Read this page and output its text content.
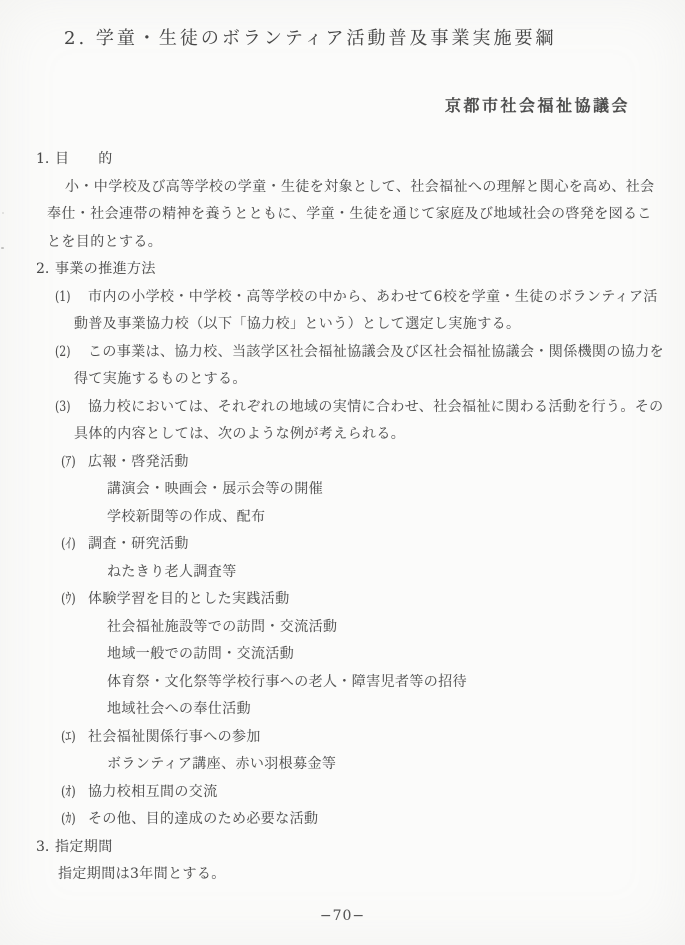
2. 学童・生徒のボランティア活動普及事業実施要綱
京都市社会福祉協議会
1. 目　　的
小・中学校及び高等学校の学童・生徒を対象として、社会福祉への理解と関心を高め、社会奉仕・社会連帯の精神を養うとともに、学童・生徒を通じて家庭及び地域社会の啓発を図ることを目的とする。
2. 事業の推進方法
(1) 市内の小学校・中学校・高等学校の中から、あわせて6校を学童・生徒のボランティア活動普及事業協力校（以下「協力校」という）として選定し実施する。
(2) この事業は、協力校、当該学区社会福祉協議会及び区社会福祉協議会・関係機関の協力を得て実施するものとする。
(3) 協力校においては、それぞれの地域の実情に合わせ、社会福祉に関わる活動を行う。その具体的内容としては、次のような例が考えられる。
(ｱ) 広報・啓発活動
講演会・映画会・展示会等の開催
学校新聞等の作成、配布
(ｲ) 調査・研究活動
ねたきり老人調査等
(ｳ) 体験学習を目的とした実践活動
社会福祉施設等での訪問・交流活動
地域一般での訪問・交流活動
体育祭・文化祭等学校行事への老人・障害児者等の招待
地域社会への奉仕活動
(ｴ) 社会福祉関係行事への参加
ボランティア講座、赤い羽根募金等
(ｵ) 協力校相互間の交流
(ｶ) その他、目的達成のため必要な活動
3. 指定期間
指定期間は3年間とする。
−70−
